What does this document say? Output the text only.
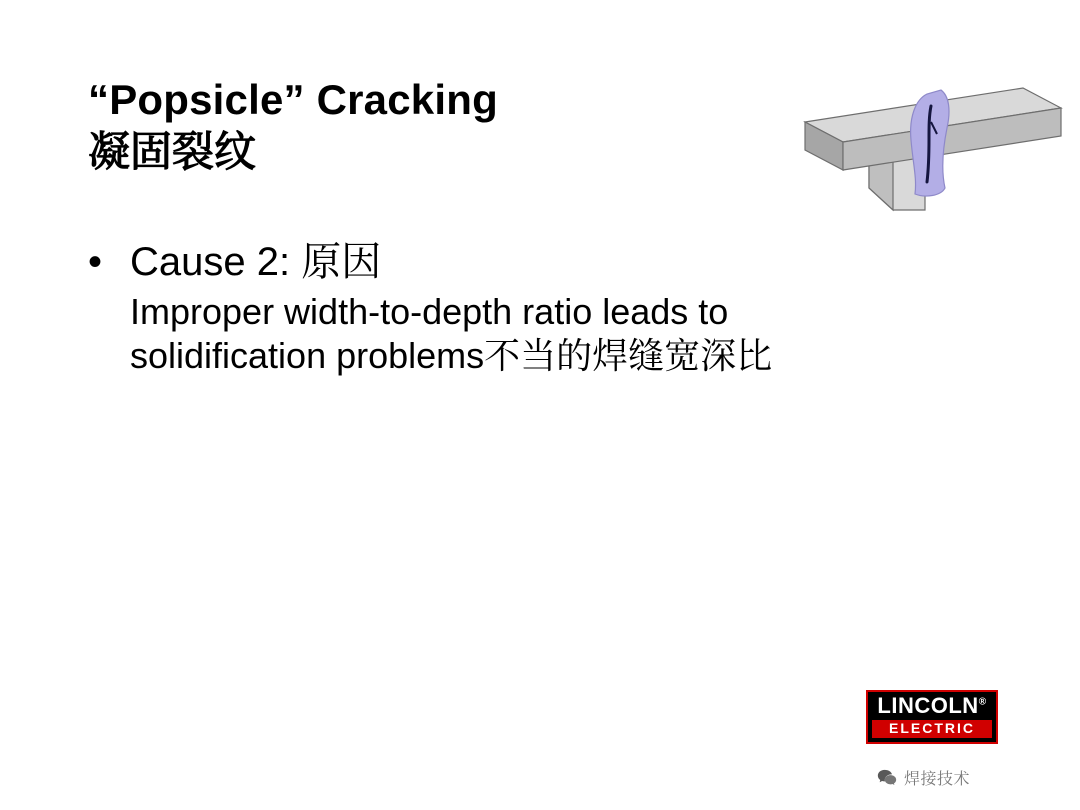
“Popsicle” Cracking
凝固裂纹
• Cause 2: 原因
Improper width-to-depth ratio leads to
solidification problems不当的焊缝宽深比
LINCOLN®
ELECTRIC
焊接技术
